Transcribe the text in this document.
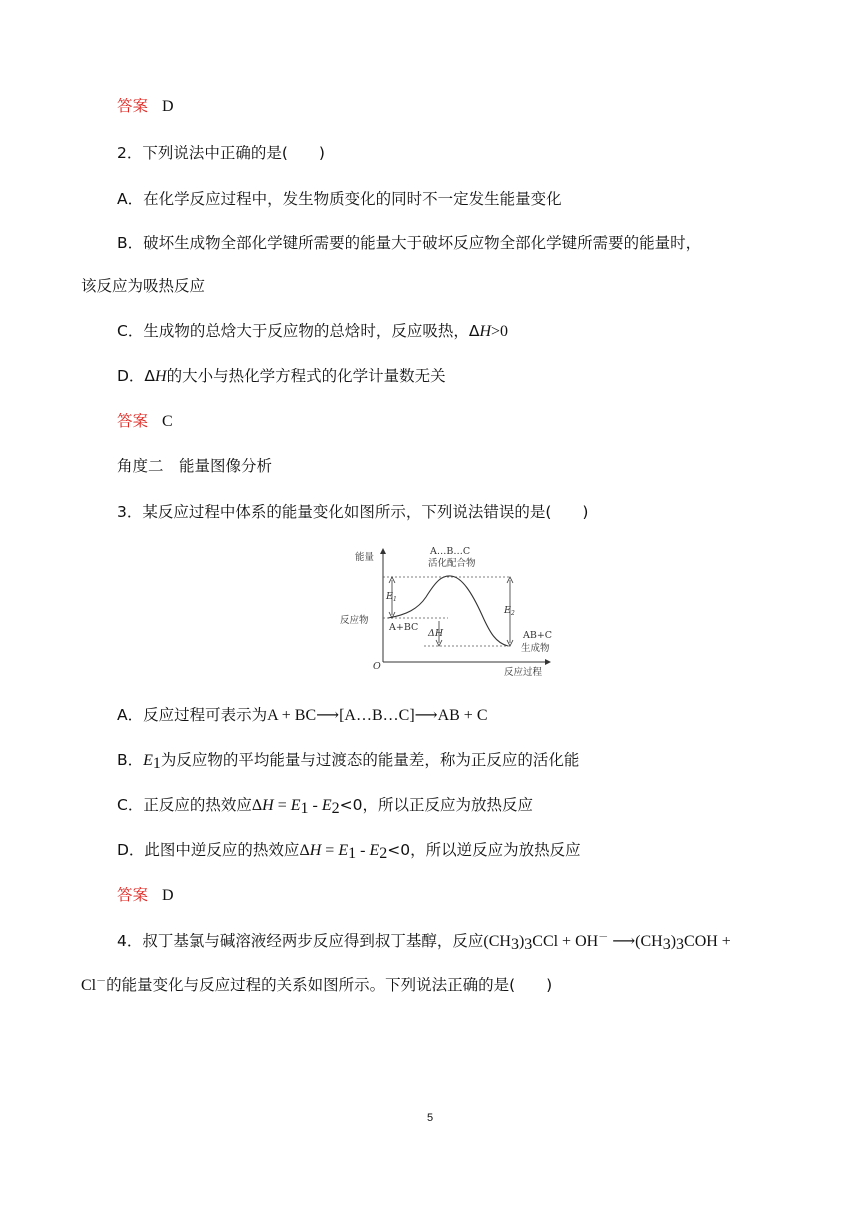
答案 D
2．下列说法中正确的是(　　)
A．在化学反应过程中，发生物质变化的同时不一定发生能量变化
B．破坏生成物全部化学键所需要的能量大于破坏反应物全部化学键所需要的能量时，
该反应为吸热反应
C．生成物的总焓大于反应物的总焓时，反应吸热，ΔH>0
D．ΔH的大小与热化学方程式的化学计量数无关
答案 C
角度二　能量图像分析
3．某反应过程中体系的能量变化如图所示，下列说法错误的是(　　)
能量
反应过程
O
反应物
A+BC
A…B…C
活化配合物
AB+C
生成物
$E_1$
$E_2$
ΔH
A．反应过程可表示为A + BC⟶[A…B…C]⟶AB + C
B．$E_1$为反应物的平均能量与过渡态的能量差，称为正反应的活化能
C．正反应的热效应$\Delta H = E_1 - E_2<0$，所以正反应为放热反应
D．此图中逆反应的热效应$\Delta H = E_1 - E_2<0$，所以逆反应为放热反应
答案 D
4．叔丁基氯与碱溶液经两步反应得到叔丁基醇，反应$(CH_3)_3CCl + OH^-$ $⟶(CH_3)_3COH$ +
Cl－的能量变化与反应过程的关系如图所示。下列说法正确的是(　　)
5
